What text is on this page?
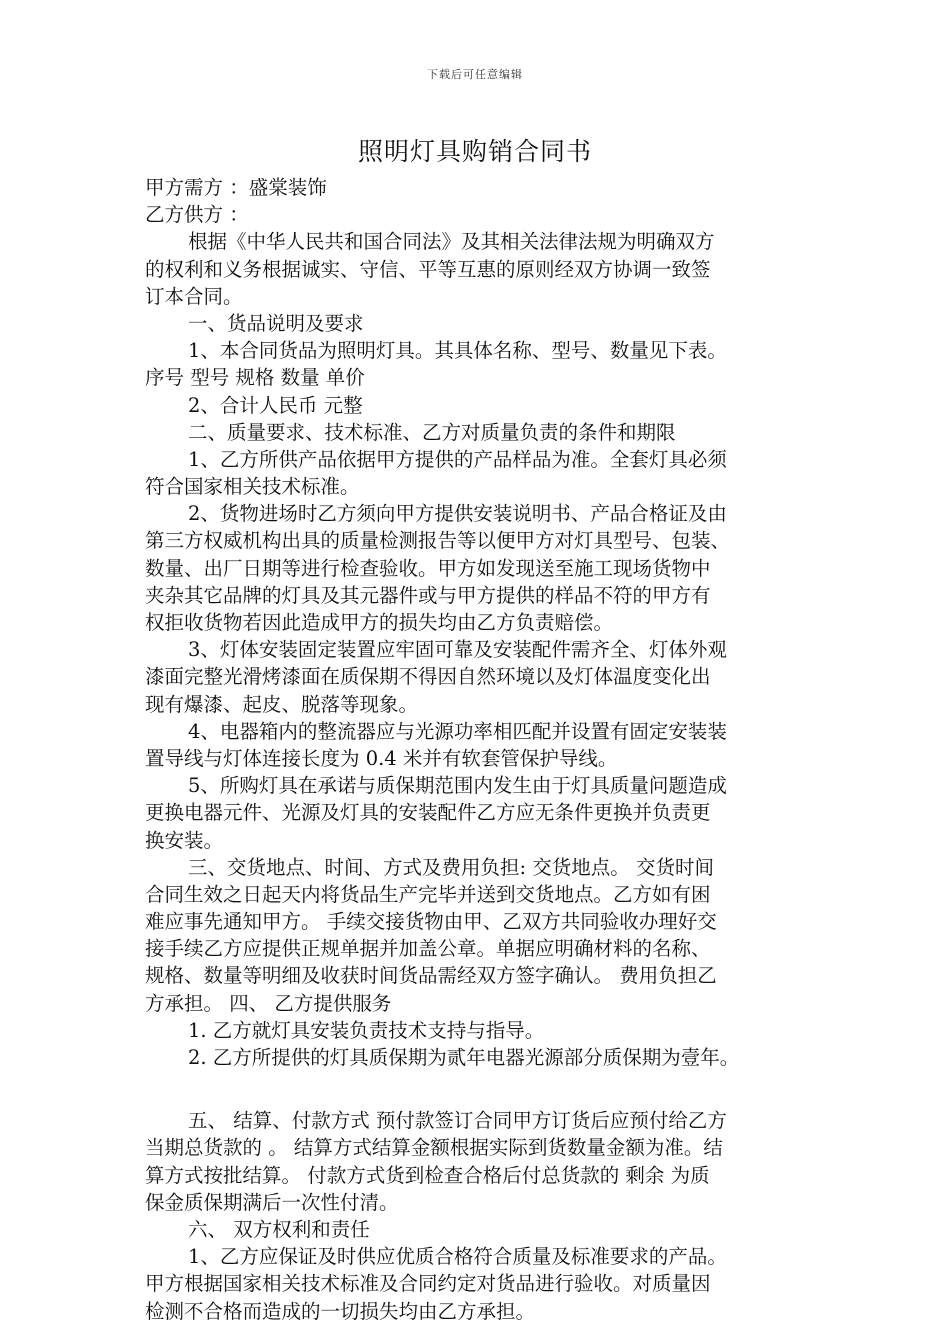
下载后可任意编辑
照明灯具购销合同书
甲方需方 ：盛棠装饰
乙方供方 ：
根据《中华人民共和国合同法》及其相关法律法规为明确双方
的权利和义务根据诚实、守信、平等互惠的原则经双方协调一致签
订本合同。
一、货品说明及要求
1、本合同货品为照明灯具。其具体名称、型号、数量见下表。
序号 型号 规格 数量 单价
2、合计人民币 元整
二、质量要求、技术标准、乙方对质量负责的条件和期限
1、乙方所供产品依据甲方提供的产品样品为准。全套灯具必须
符合国家相关技术标准。
2、货物进场时乙方须向甲方提供安装说明书、产品合格证及由
第三方权威机构出具的质量检测报告等以便甲方对灯具型号、包装、
数量、出厂日期等进行检查验收。甲方如发现送至施工现场货物中
夹杂其它品牌的灯具及其元器件或与甲方提供的样品不符的甲方有
权拒收货物若因此造成甲方的损失均由乙方负责赔偿。
3、灯体安装固定装置应牢固可靠及安装配件需齐全、灯体外观
漆面完整光滑烤漆面在质保期不得因自然环境以及灯体温度变化出
现有爆漆、起皮、脱落等现象。
4、电器箱内的整流器应与光源功率相匹配并设置有固定安装装
置导线与灯体连接长度为 0.4 米并有软套管保护导线。
5、所购灯具在承诺与质保期范围内发生由于灯具质量问题造成
更换电器元件、光源及灯具的安装配件乙方应无条件更换并负责更
换安装。
三、交货地点、时间、方式及费用负担: 交货地点。 交货时间
合同生效之日起天内将货品生产完毕并送到交货地点。乙方如有困
难应事先通知甲方。 手续交接货物由甲、乙双方共同验收办理好交
接手续乙方应提供正规单据并加盖公章。单据应明确材料的名称、
规格、数量等明细及收获时间货品需经双方签字确认。 费用负担乙
方承担。 四、 乙方提供服务
1. 乙方就灯具安装负责技术支持与指导。
2. 乙方所提供的灯具质保期为贰年电器光源部分质保期为壹年。
五、 结算、付款方式 预付款签订合同甲方订货后应预付给乙方
当期总货款的 。 结算方式结算金额根据实际到货数量金额为准。结
算方式按批结算。 付款方式货到检查合格后付总货款的 剩余 为质
保金质保期满后一次性付清。
六、 双方权利和责任
1、乙方应保证及时供应优质合格符合质量及标准要求的产品。
甲方根据国家相关技术标准及合同约定对货品进行验收。对质量因
检测不合格而造成的一切损失均由乙方承担。
